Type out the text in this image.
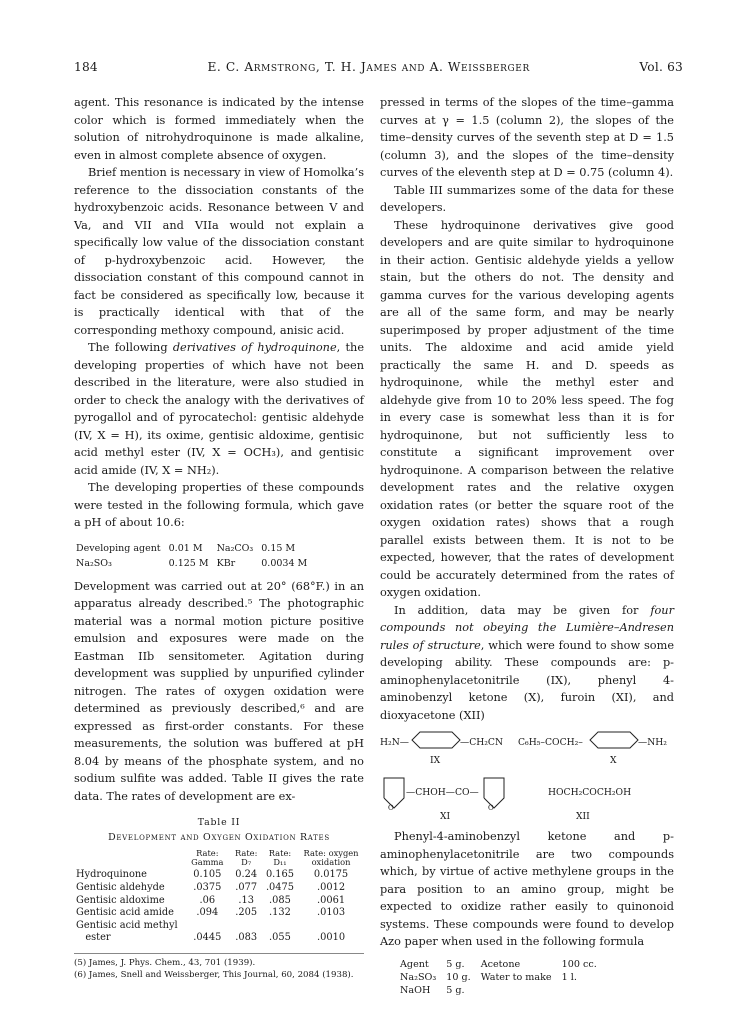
184	E. C. Armstrong, T. H. James and A. Weissberger	Vol. 63

agent. This resonance is indicated by the intense color which is formed immediately when the solution of nitrohydroquinone is made alkaline, even in almost complete absence of oxygen.

Brief mention is necessary in view of Homolka’s reference to the dissociation constants of the hydroxybenzoic acids. Resonance between V and Va, and VII and VIIa would not explain a specifically low value of the dissociation constant of p-hydroxybenzoic acid. However, the dissociation constant of this compound cannot in fact be considered as specifically low, because it is practically identical with that of the corresponding methoxy compound, anisic acid.

The following derivatives of hydroquinone, the developing properties of which have not been described in the literature, were also studied in order to check the analogy with the derivatives of pyrogallol and of pyrocatechol: gentisic aldehyde (IV, X = H), its oxime, gentisic aldoxime, gentisic acid methyl ester (IV, X = OCH₃), and gentisic acid amide (IV, X = NH₂).

The developing properties of these compounds were tested in the following formula, which gave a pH of about 10.6:

Developing agent	0.01 M	Na₂CO₃	0.15 M
Na₂SO₃	0.125 M	KBr	0.0034 M

Development was carried out at 20° (68°F.) in an apparatus already described.⁵ The photographic material was a normal motion picture positive emulsion and exposures were made on the Eastman IIb sensitometer. Agitation during development was supplied by unpurified cylinder nitrogen. The rates of oxygen oxidation were determined as previously described,⁶ and are expressed as first-order constants. For these measurements, the solution was buffered at pH 8.04 by means of the phosphate system, and no sodium sulfite was added. Table II gives the rate data. The rates of development are ex-

Table II
Development and Oxygen Oxidation Rates
	Rate: Gamma	Rate: D₇	Rate: D₁₁	Rate: oxygen oxidation
Hydroquinone	0.105	0.24	0.165	0.0175
Gentisic aldehyde	.0375	.077	.0475	.0012
Gentisic aldoxime	.06	.13	.085	.0061
Gentisic acid amide	.094	.205	.132	.0103
Gentisic acid methyl				
ester	.0445	.083	.055	.0010
(5) James, J. Phys. Chem., 43, 701 (1939).
(6) James, Snell and Weissberger, This Journal, 60, 2084 (1938).

pressed in terms of the slopes of the time–gamma curves at γ = 1.5 (column 2), the slopes of the time–density curves of the seventh step at D = 1.5 (column 3), and the slopes of the time–density curves of the eleventh step at D = 0.75 (column 4).

Table III summarizes some of the data for these developers.

These hydroquinone derivatives give good developers and are quite similar to hydroquinone in their action. Gentisic aldehyde yields a yellow stain, but the others do not. The density and gamma curves for the various developing agents are all of the same form, and may be nearly superimposed by proper adjustment of the time units. The aldoxime and acid amide yield practically the same H. and D. speeds as hydroquinone, while the methyl ester and aldehyde give from 10 to 20% less speed. The fog in every case is somewhat less than it is for hydroquinone, but not sufficiently less to constitute a significant improvement over hydroquinone. A comparison between the relative development rates and the relative oxygen oxidation rates (or better the square root of the oxygen oxidation rates) shows that a rough parallel exists between them. It is not to be expected, however, that the rates of development could be accurately determined from the rates of oxygen oxidation.

In addition, data may be given for four compounds not obeying the Lumière–Andresen rules of structure, which were found to show some developing ability. These compounds are: p-aminophenylacetonitrile (IX), phenyl 4-aminobenzyl ketone (X), furoin (XI), and dioxyacetone (XII)

H₂N—	—CH₂CN
IX
C₆H₅–COCH₂–	—NH₂
X
—CHOH—CO—
O	O
XI
HOCH₂COCH₂OH
XII

Phenyl-4-aminobenzyl ketone and p-aminophenylacetonitrile are two compounds which, by virtue of active methylene groups in the para position to an amino group, might be expected to oxidize rather easily to quinonoid systems. These compounds were found to develop Azo paper when used in the following formula

Agent	5 g.	Acetone	100 cc.
Na₂SO₃	10 g.	Water to make	1 l.
NaOH	5 g.		
